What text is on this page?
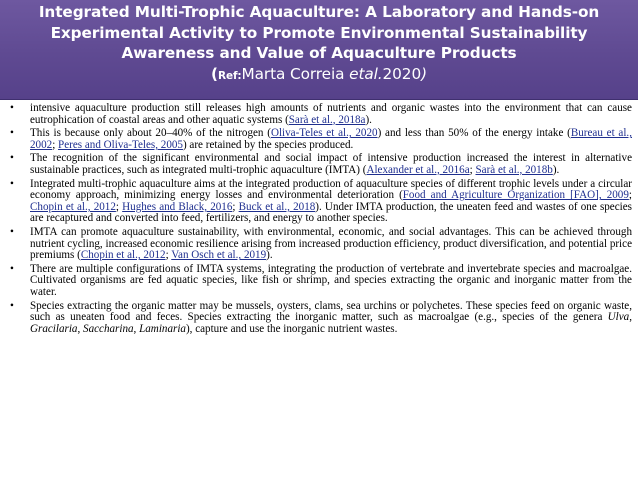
Integrated Multi-Trophic Aquaculture: A Laboratory and Hands-on
Experimental Activity to Promote Environmental Sustainability
Awareness and Value of Aquaculture Products
(Ref:Marta Correia etal.2020)
•	intensive aquaculture production still releases high amounts of nutrients and organic wastes into the environment that can cause eutrophication of coastal areas and other aquatic systems (Sarà et al., 2018a).
•	This is because only about 20–40% of the nitrogen (Oliva-Teles et al., 2020) and less than 50% of the energy intake (Bureau et al., 2002; Peres and Oliva-Teles, 2005) are retained by the species produced.
•	The recognition of the significant environmental and social impact of intensive production increased the interest in alternative sustainable practices, such as integrated multi-trophic aquaculture (IMTA) (Alexander et al., 2016a; Sarà et al., 2018b).
•	Integrated multi-trophic aquaculture aims at the integrated production of aquaculture species of different trophic levels under a circular economy approach, minimizing energy losses and environmental deterioration (Food and Agriculture Organization [FAO], 2009; Chopin et al., 2012; Hughes and Black, 2016; Buck et al., 2018). Under IMTA production, the uneaten feed and wastes of one species are recaptured and converted into feed, fertilizers, and energy to another species.
•	IMTA can promote aquaculture sustainability, with environmental, economic, and social advantages. This can be achieved through nutrient cycling, increased economic resilience arising from increased production efficiency, product diversification, and potential price premiums (Chopin et al., 2012; Van Osch et al., 2019).
•	There are multiple configurations of IMTA systems, integrating the production of vertebrate and invertebrate species and macroalgae. Cultivated organisms are fed aquatic species, like fish or shrimp, and species extracting the organic and inorganic matter from the water.
•	Species extracting the organic matter may be mussels, oysters, clams, sea urchins or polychetes. These species feed on organic waste, such as uneaten food and feces. Species extracting the inorganic matter, such as macroalgae (e.g., species of the genera Ulva, Gracilaria, Saccharina, Laminaria), capture and use the inorganic nutrient wastes.
